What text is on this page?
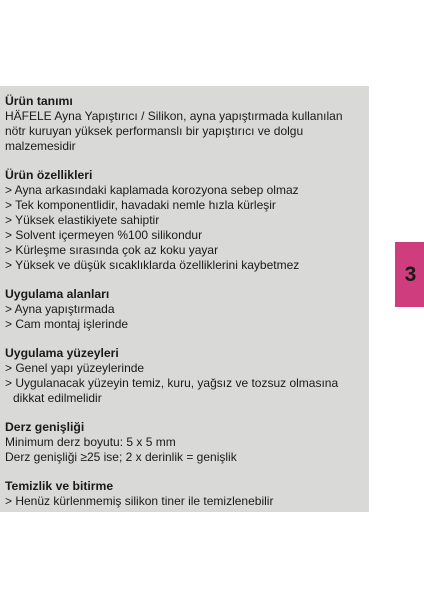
Ürün tanımı

HÄFELE Ayna Yapıştırıcı / Silikon, ayna yapıştırmada kullanılan

nötr kuruyan yüksek performanslı bir yapıştırıcı ve dolgu

malzemesidir

Ürün özellikleri

> Ayna arkasındaki kaplamada korozyona sebep olmaz

> Tek komponentlidir, havadaki nemle hızla kürleşir

> Yüksek elastikiyete sahiptir

> Solvent içermeyen %100 silikondur

> Kürleşme sırasında çok az koku yayar

> Yüksek ve düşük sıcaklıklarda özelliklerini kaybetmez

Uygulama alanları

> Ayna yapıştırmada

> Cam montaj işlerinde

Uygulama yüzeyleri

> Genel yapı yüzeylerinde

> Uygulanacak yüzeyin temiz, kuru, yağsız ve tozsuz olmasına

dikkat edilmelidir

Derz genişliği

Minimum derz boyutu: 5 x 5 mm

Derz genişliği ≥25 ise; 2 x derinlik = genişlik

Temizlik ve bitirme

> Henüz kürlenmemiş silikon tiner ile temizlenebilir

3
